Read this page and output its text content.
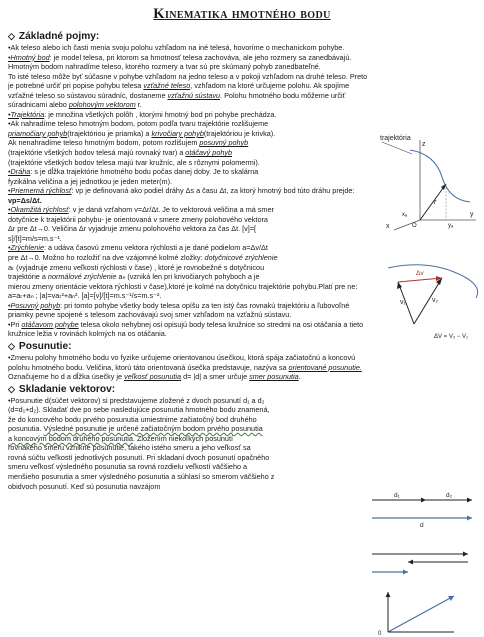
Kinematika hmotného bodu
◇ Základné pojmy:
•Ak teleso alebo ich časti menia svoju polohu vzhľadom na iné telesá, hovoríme o mechanickom pohybe.
•Hmotný bod: je model telesa, pri ktorom sa hmotnosť telesa zachováva, ale jeho rozmery sa zanedbávajú.
Hmotným bodom nahradíme teleso, ktorého rozmery a tvar sú pre skúmaný pohyb zanedbateľné.
To isté teleso môže byť súčasne v pohybe vzhľadom na jedno teleso a v pokoji vzhľadom na druhé teleso. Preto
je potrebné určiť pri popise pohybu telesa vzťažné teleso, vzhľadom na ktoré určujeme polohu. Ak spojíme
vzťažné teleso so sústavou súradníc, dostaneme vzťažnú sústavu. Polohu hmotného bodu môžeme určiť
súradnicami alebo polohovým vektorom r.
•Trajektória: je množina všetkých polôh , ktorými hmotný bod pri pohybe prechádza.
•Ak nahradíme teleso hmotným bodom, potom podľa tvaru trajektórie rozlišujeme
priamočiary pohyb(trajektóriou je priamka) a krivočiary pohyb(trajektóriou je krivka).
Ak nenahradíme teleso hmotným bodom, potom rozlišujem posuvný pohyb
(trajektórie všetkých bodov telesá majú rovnaký tvar) a otáčavý pohyb
(trajektórie všetkých bodov telesa majú tvar kružníc, ale s rôznymi polomermi).
•Dráha: s je dĺžka trajektórie hmotného bodu počas danej doby. Je to skalárna
fyzikálna veličina a jej jednotkou je jeden meter(m).
•Priemerná rýchlosť: vp je definovaná ako podiel dráhy Δs a času Δt, za ktorý hmotný bod túto dráhu prejde:
vp=Δs/Δt.
•Okamžitá rýchlosť: v je daná vzťahom v=Δr/Δt. Je to vektorová veličina a má smer
dotyčnice k trajektórii pohybu- je orientovaná v smere zmeny polohového vektora
Δr pre Δt→0. Veličina Δr vyjadruje zmenu polohového vektora za čas Δt. [v]=[
s]/[t]=m/s=m.s⁻¹.
•Zrýchlenie: a udáva časovú zmenu vektora rýchlosti a je dané podielom a=Δv/Δt
pre Δt→0. Možno ho rozložiť na dve vzájomné kolmé zložky: dotyčnicové zrýchlenie
aₜ (vyjadruje zmenu veľkosti rýchlosti v čase) , ktoré je rovnobežné s dotyčnicou
trajektórie a normálové zrýchlenie aₙ (vzniká len pri krivočiarych pohyboch a je
mierou zmeny orientácie vektora rýchlosti v čase),ktoré je kolmé na dotyčnicu trajektórie pohybu.Platí pre ne:
a=aₜ+aₙ ; |a|=vaₜ²+aₙ². [a]=[v]/[t]=m.s⁻¹/s=m.s⁻².
•Posuvný pohyb: pri tomto pohybe všetky body telesa opíšu za ten istý čas rovnakú trajektóriu a ľubovoľné
priamky pevne spojené s telesom zachovávajú svoj smer vzhľadom na vzťažnú sústavu.
•Pri otáčavom pohybe telesa okolo nehybnej osi opisujú body telesa kružnice so stredmi na osi otáčania a tieto
kružnice ležia v rovinách kolmých na os otáčania.
◇ Posunutie:
•Zmenu polohy hmotného bodu vo fyzike určujeme orientovanou úsečkou, ktorá spája začiatočnú a koncovú
polohu hmotného bodu. Veličina, ktorú táto orientovaná úsečka predstavuje, nazýva sa orientované posunutie.
Označujeme ho d a dĺžka úsečky je veľkosť posunutia d= |d| a smer určuje smer posunutia.
◇ Skladanie vektorov:
•Posunutie d(súčet vektorov) si predstavujeme zložené z dvoch posunutí d₁ a d₂
(d=d₁+d₂). Skladať dve po sebe nasledujúce posunutia hmotného bodu znamená,
že do koncového bodu prvého posunutia umiestnime začiatočný bod druhého
posunutia. Výsledné posunutie je určené začiatočným bodom prvého posunutia
a koncovým bodom druhého posunutia. Zložením niekoľkých posunutí
rovnakého smeru vznikne posunutie, takého istého smeru a jeho veľkosť sa
rovná súčtu veľkostí jednotlivých posunutí. Pri skladaní dvoch posunutí opačného
smeru veľkosť výsledného posunutia sa rovná rozdielu veľkostí väčšieho a
menšieho posunutia a smer výsledného posunutia a súhlasí so smerom väčšieho z
obidvoch posunutí. Keď sú posunutia navzájom
trajektória
z
y
x
r
O	yₐ
xₐ
v₁	v₂
Δv
ΔV = V₂ − V₁
d₁	d₂
d
0
